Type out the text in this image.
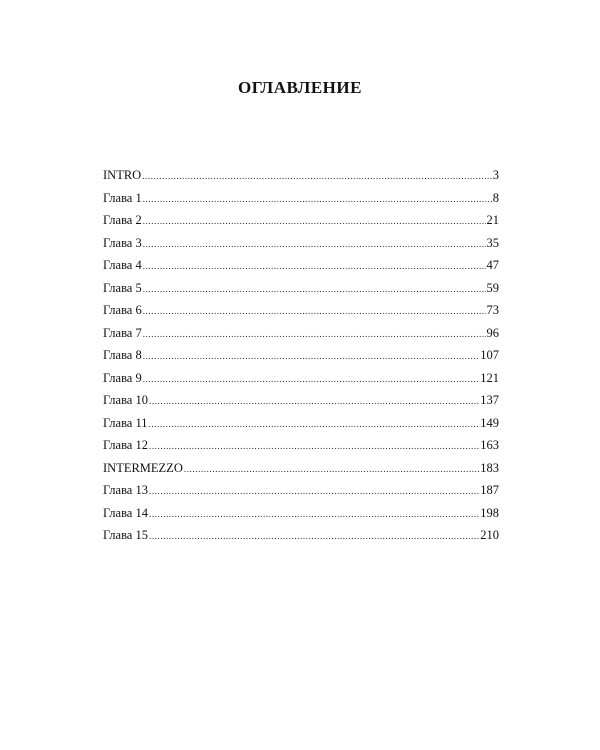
ОГЛАВЛЕНИЕ
INTRO .....	3
Глава 1 .....	8
Глава 2 .....	21
Глава 3 .....	35
Глава 4 .....	47
Глава 5 .....	59
Глава 6 .....	73
Глава 7 .....	96
Глава 8 .....	107
Глава 9 .....	121
Глава 10 .....	137
Глава 11 .....	149
Глава 12 .....	163
INTERMEZZO .....	183
Глава 13 .....	187
Глава 14 .....	198
Глава 15 .....	210
